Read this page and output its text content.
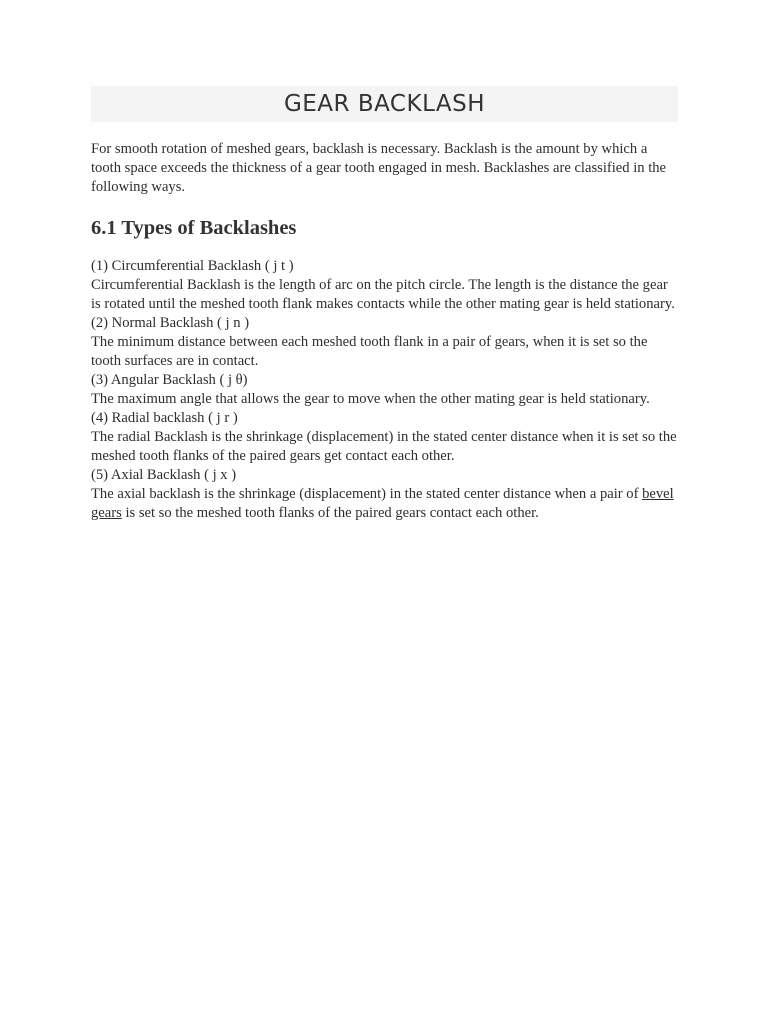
GEAR BACKLASH

For smooth rotation of meshed gears, backlash is necessary. Backlash is the amount by which a tooth space exceeds the thickness of a gear tooth engaged in mesh. Backlashes are classified in the following ways.

6.1 Types of Backlashes
(1) Circumferential Backlash ( j t )
Circumferential Backlash is the length of arc on the pitch circle. The length is the distance the gear is rotated until the meshed tooth flank makes contacts while the other mating gear is held stationary.
(2) Normal Backlash ( j n )
The minimum distance between each meshed tooth flank in a pair of gears, when it is set so the tooth surfaces are in contact.
(3) Angular Backlash ( j θ)
The maximum angle that allows the gear to move when the other mating gear is held stationary.
(4) Radial backlash ( j r )
The radial Backlash is the shrinkage (displacement) in the stated center distance when it is set so the meshed tooth flanks of the paired gears get contact each other.
(5) Axial Backlash ( j x )
The axial backlash is the shrinkage (displacement) in the stated center distance when a pair of bevel gears is set so the meshed tooth flanks of the paired gears contact each other.
